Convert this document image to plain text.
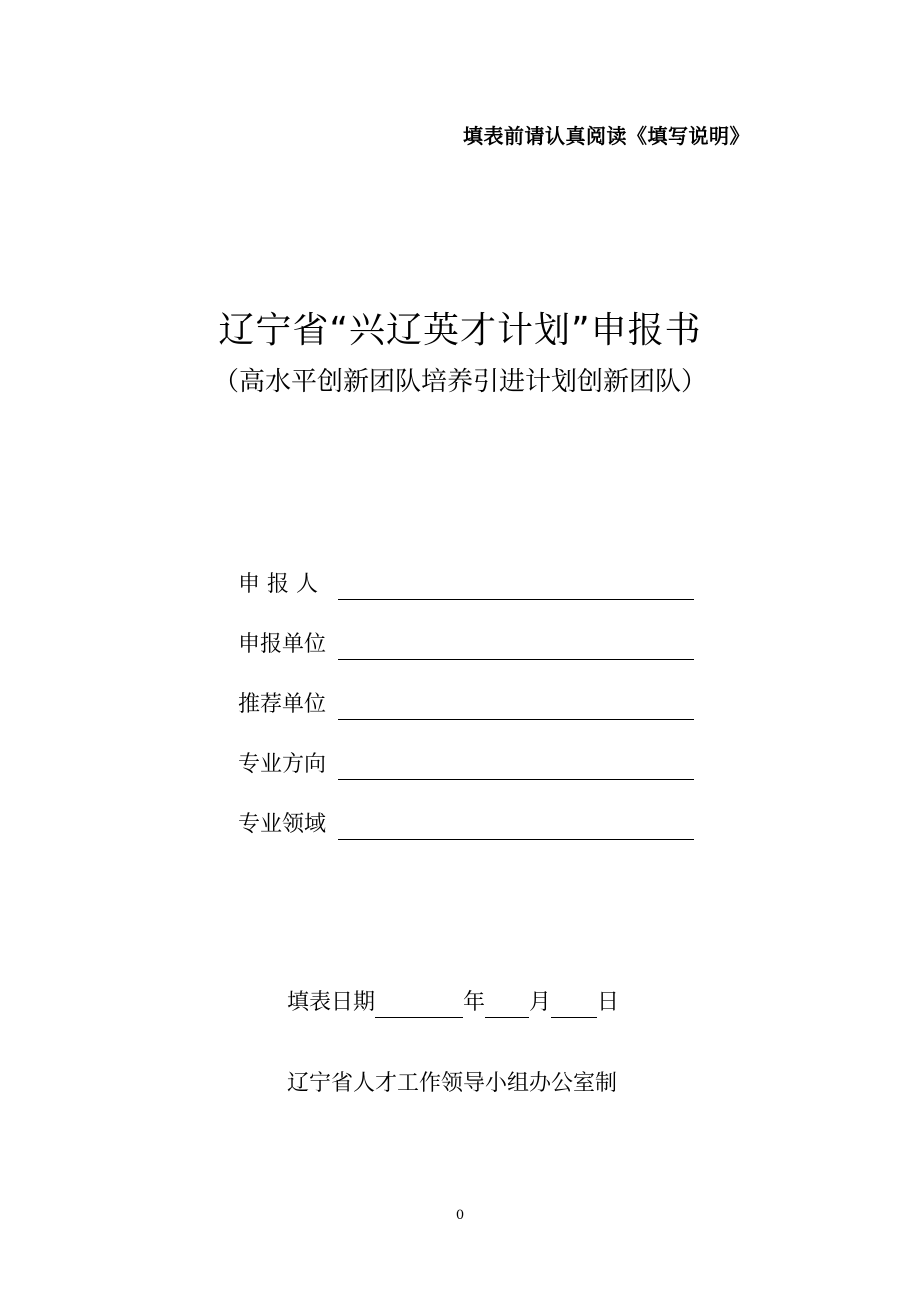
填表前请认真阅读《填写说明》
辽宁省“兴辽英才计划”申报书
（高水平创新团队培养引进计划创新团队）
申 报 人
申报单位
推荐单位
专业方向
专业领域
填表日期	年 月 日
辽宁省人才工作领导小组办公室制
0
